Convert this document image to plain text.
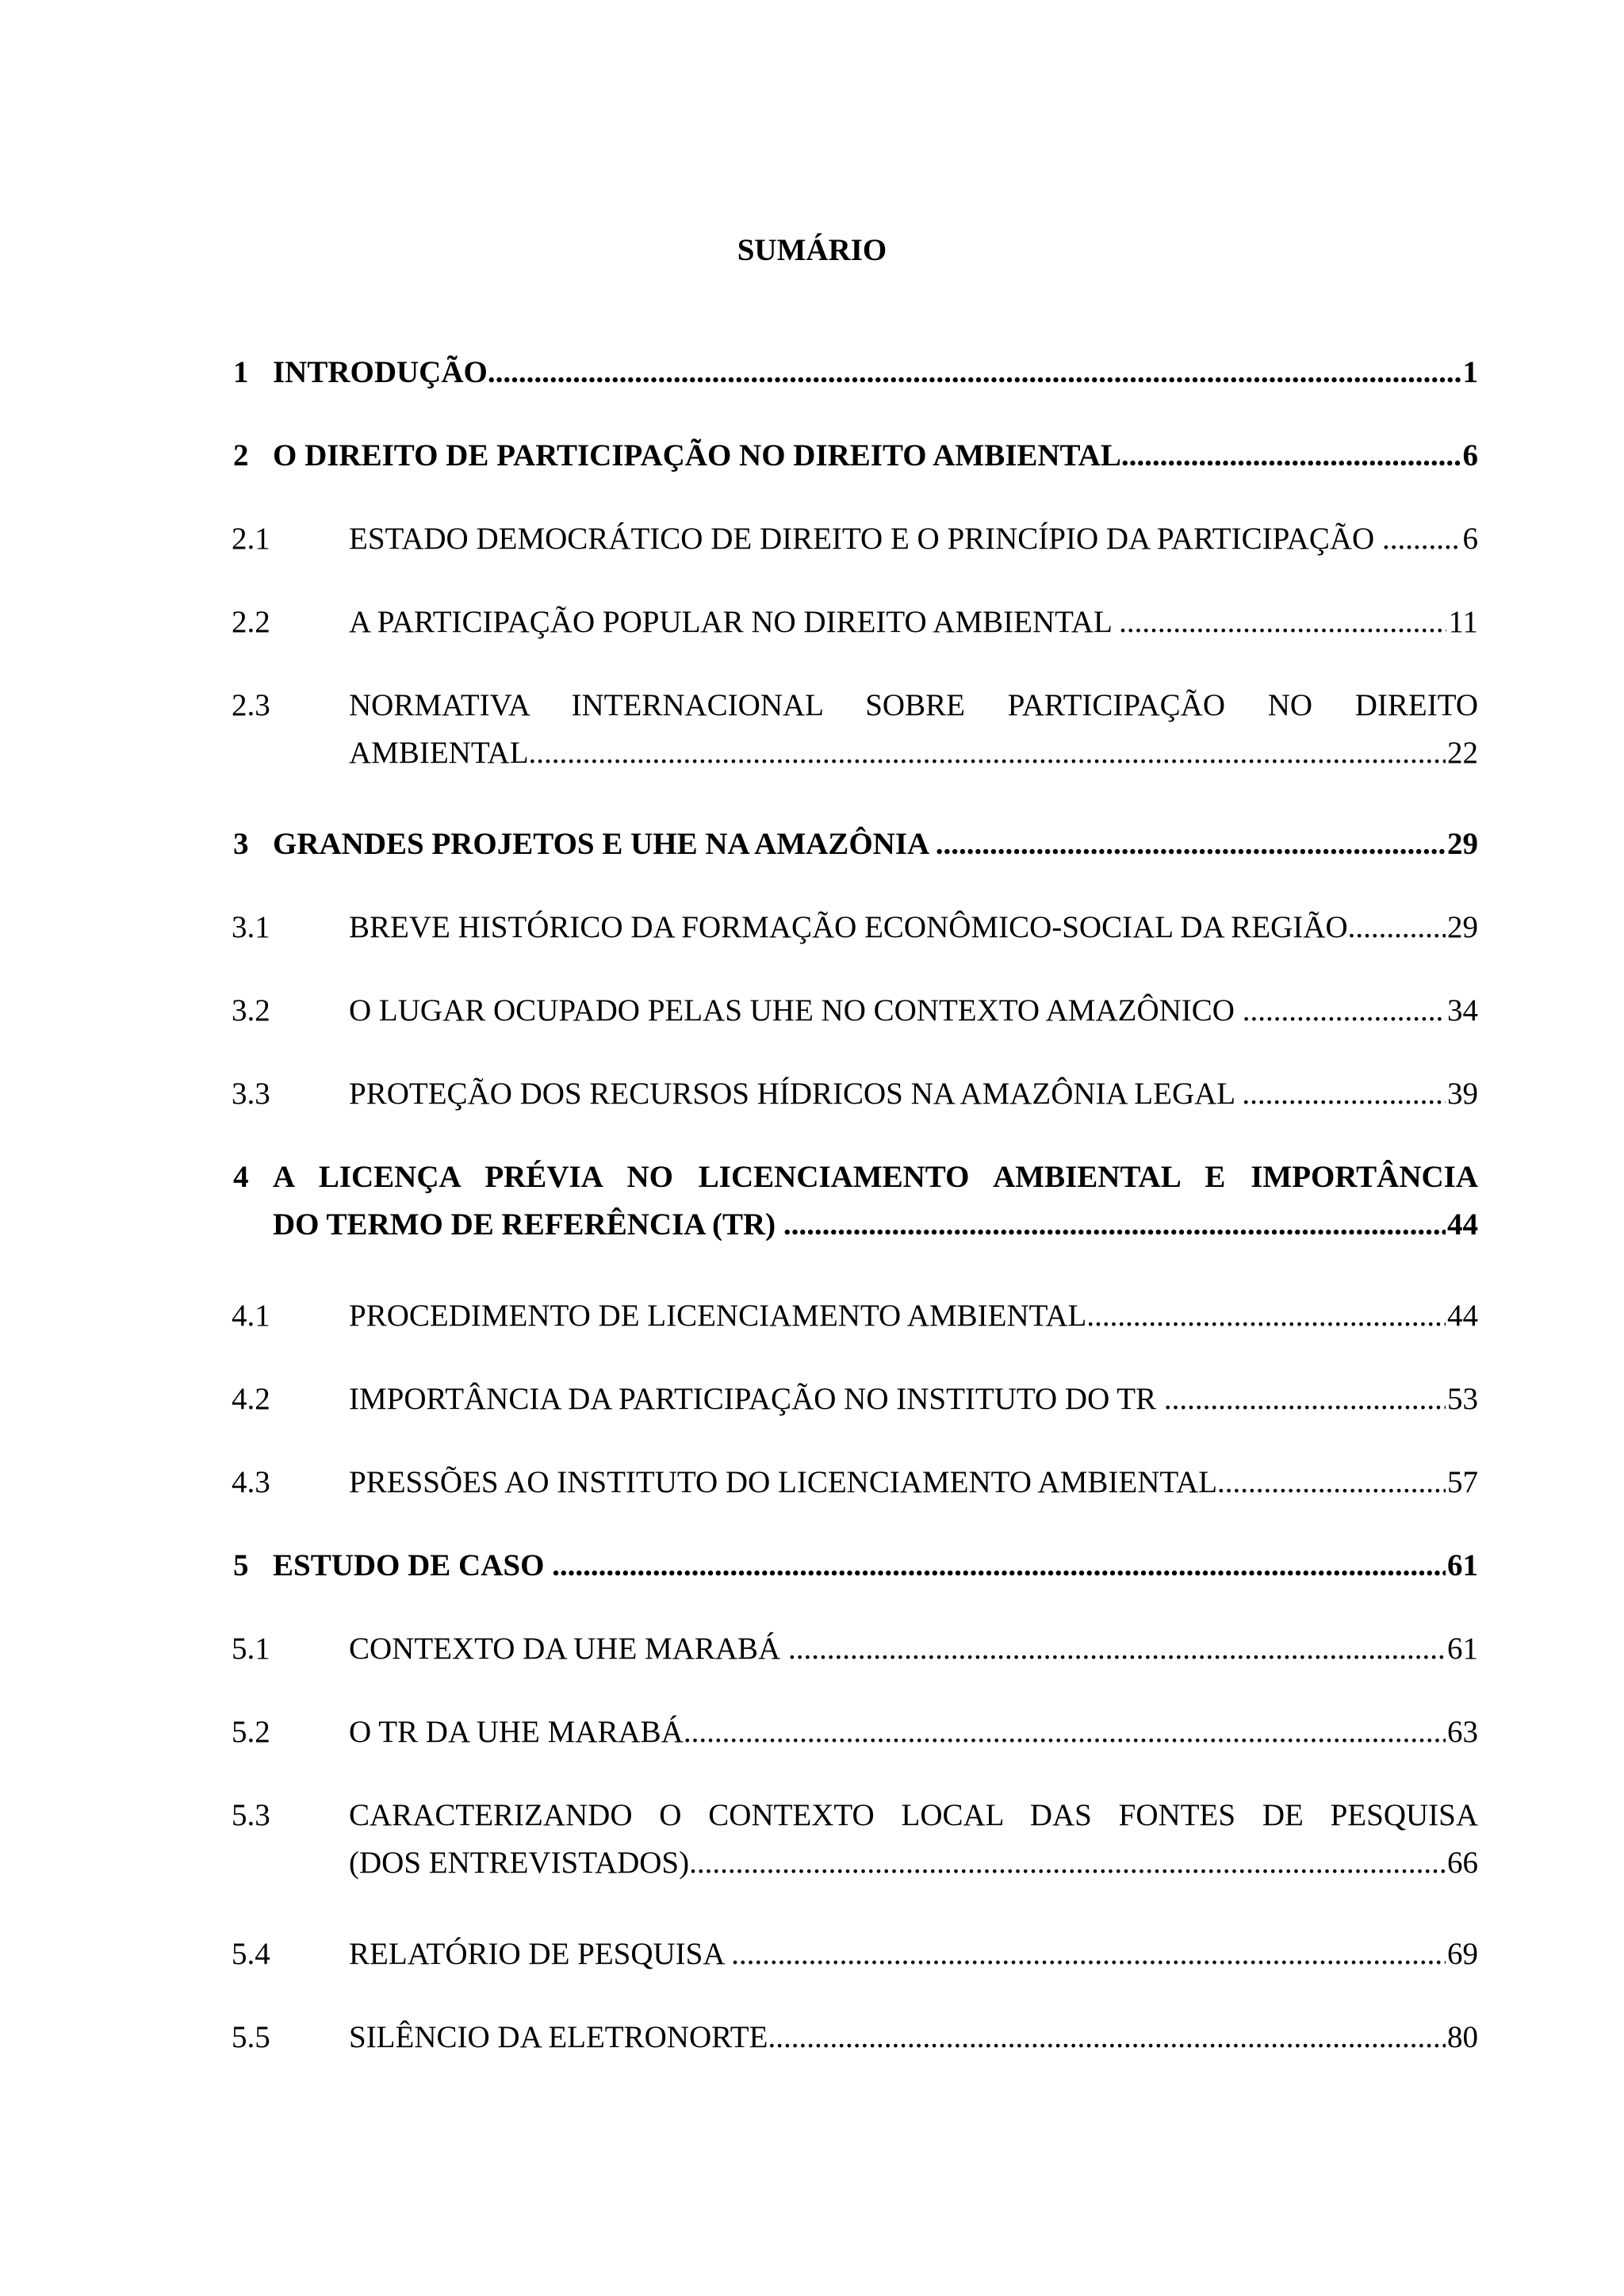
SUMÁRIO
1 INTRODUÇÃO .....	1
2 O DIREITO DE PARTICIPAÇÃO NO DIREITO AMBIENTAL .....	6
2.1	ESTADO DEMOCRÁTICO DE DIREITO E O PRINCÍPIO DA PARTICIPAÇÃO .....	6
2.2	A PARTICIPAÇÃO POPULAR NO DIREITO AMBIENTAL .....	11
2.3	NORMATIVA INTERNACIONAL SOBRE PARTICIPAÇÃO NO DIREITO
AMBIENTAL .....	22
3 GRANDES PROJETOS E UHE NA AMAZÔNIA .....	29
3.1	BREVE HISTÓRICO DA FORMAÇÃO ECONÔMICO-SOCIAL DA REGIÃO .....	29
3.2	O LUGAR OCUPADO PELAS UHE NO CONTEXTO AMAZÔNICO .....	34
3.3	PROTEÇÃO DOS RECURSOS HÍDRICOS NA AMAZÔNIA LEGAL .....	39
4 A LICENÇA PRÉVIA NO LICENCIAMENTO AMBIENTAL E IMPORTÂNCIA
DO TERMO DE REFERÊNCIA (TR) .....	44
4.1	PROCEDIMENTO DE LICENCIAMENTO AMBIENTAL .....	44
4.2	IMPORTÂNCIA DA PARTICIPAÇÃO NO INSTITUTO DO TR .....	53
4.3	PRESSÕES AO INSTITUTO DO LICENCIAMENTO AMBIENTAL .....	57
5 ESTUDO DE CASO .....	61
5.1	CONTEXTO DA UHE MARABÁ .....	61
5.2	O TR DA UHE MARABÁ .....	63
5.3	CARACTERIZANDO O CONTEXTO LOCAL DAS FONTES DE PESQUISA
(DOS ENTREVISTADOS) .....	66
5.4	RELATÓRIO DE PESQUISA .....	69
5.5	SILÊNCIO DA ELETRONORTE .....	80
